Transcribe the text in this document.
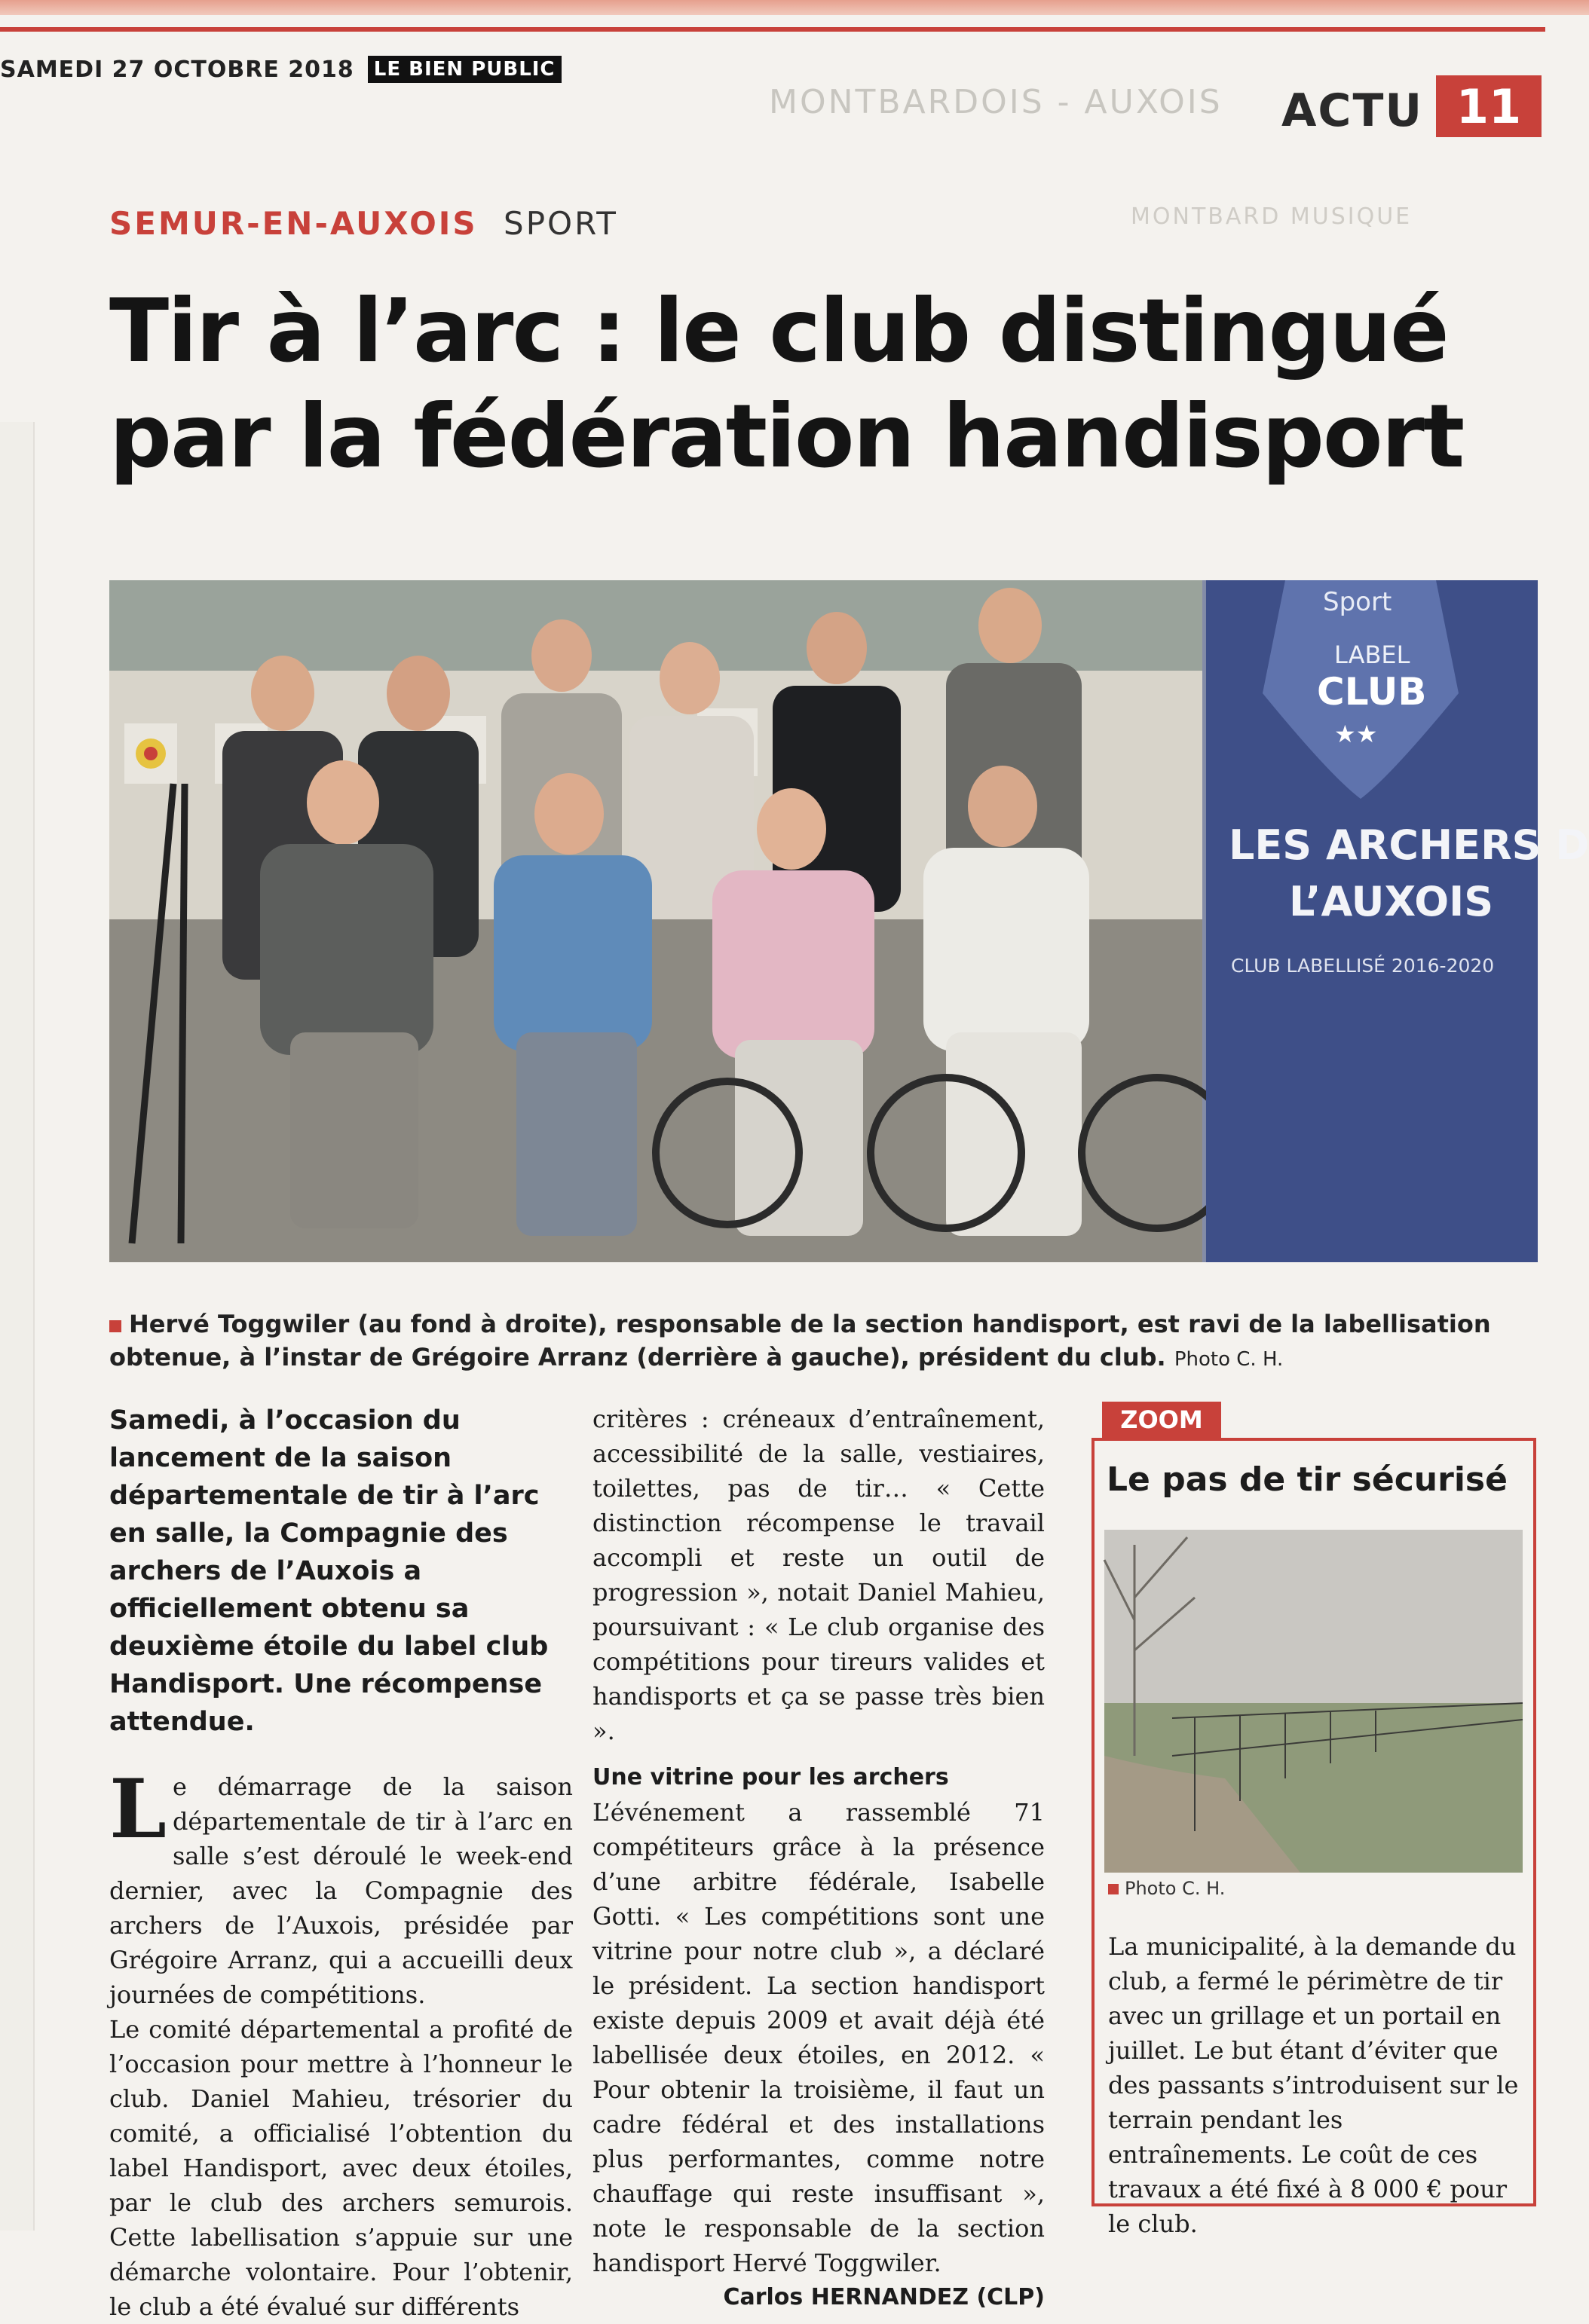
SAMEDI 27 OCTOBRE 2018	LE BIEN PUBLIC
MONTBARDOIS - AUXOIS ACTU 11
MONTBARD MUSIQUE
SEMUR-EN-AUXOIS SPORT
Tir à l’arc : le club distingué par la fédération handisport
Sport
LABEL
CLUB
★★
LES ARCHERS D
L’AUXOIS
CLUB LABELLISÉ 2016-2020
Hervé Toggwiler (au fond à droite), responsable de la section handisport, est ravi de la labellisation obtenue, à l’instar de Grégoire Arranz (derrière à gauche), président du club. Photo C. H.

Samedi, à l’occasion du lancement de la saison départementale de tir à l’arc en salle, la Compagnie des archers de l’Auxois a officiellement obtenu sa deuxième étoile du label club Handisport. Une récompense attendue.

Le démarrage de la saison départementale de tir à l’arc en salle s’est déroulé le week-end dernier, avec la Compagnie des archers de l’Auxois, présidée par Grégoire Arranz, qui a accueilli deux journées de compétitions.

Le comité départemental a profité de l’occasion pour mettre à l’honneur le club. Daniel Mahieu, trésorier du comité, a officialisé l’obtention du label Handisport, avec deux étoiles, par le club des archers semurois. Cette labellisation s’appuie sur une démarche volontaire. Pour l’obtenir, le club a été évalué sur différents

critères : créneaux d’entraînement, accessibilité de la salle, vestiaires, toilettes, pas de tir… « Cette distinction récompense le travail accompli et reste un outil de progression », notait Daniel Mahieu, poursuivant : « Le club organise des compétitions pour tireurs valides et handisports et ça se passe très bien ».

Une vitrine pour les archers

L’événement a rassemblé 71 compétiteurs grâce à la présence d’une arbitre fédérale, Isabelle Gotti. « Les compétitions sont une vitrine pour notre club », a déclaré le président. La section handisport existe depuis 2009 et avait déjà été labellisée deux étoiles, en 2012. « Pour obtenir la troisième, il faut un cadre fédéral et des installations plus performantes, comme notre chauffage qui reste insuffisant », note le responsable de la section handisport Hervé Toggwiler.

Carlos HERNANDEZ (CLP)

ZOOM
Le pas de tir sécurisé
Photo C. H.
La municipalité, à la demande du club, a fermé le périmètre de tir avec un grillage et un portail en juillet. Le but étant d’éviter que des passants s’introduisent sur le terrain pendant les entraînements. Le coût de ces travaux a été fixé à 8 000 € pour le club.
